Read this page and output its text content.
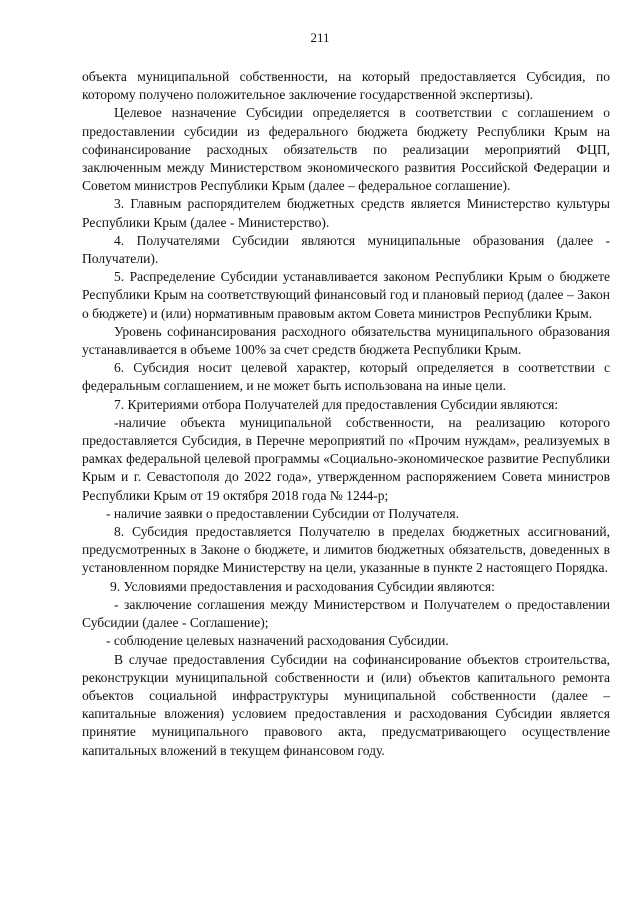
211

объекта муниципальной собственности, на который предоставляется Субсидия, по которому получено положительное заключение государственной экспертизы).

Целевое назначение Субсидии определяется в соответствии с соглашением о предоставлении субсидии из федерального бюджета бюджету Республики Крым на софинансирование расходных обязательств по реализации мероприятий ФЦП, заключенным между Министерством экономического развития Российской Федерации и Советом министров Республики Крым (далее – федеральное соглашение).

3. Главным распорядителем бюджетных средств является Министерство культуры Республики Крым (далее - Министерство).

4. Получателями Субсидии являются муниципальные образования (далее - Получатели).

5. Распределение Субсидии устанавливается законом Республики Крым о бюджете Республики Крым на соответствующий финансовый год и плановый период (далее – Закон о бюджете) и (или) нормативным правовым актом Совета министров Республики Крым.

Уровень софинансирования расходного обязательства муниципального образования устанавливается в объеме 100% за счет средств бюджета Республики Крым.

6. Субсидия носит целевой характер, который определяется в соответствии с федеральным соглашением, и не может быть использована на иные цели.

7. Критериями отбора Получателей для предоставления Субсидии являются:

-наличие объекта муниципальной собственности, на реализацию которого предоставляется Субсидия, в Перечне мероприятий по «Прочим нуждам», реализуемых в рамках федеральной целевой программы «Социально-экономическое развитие Республики Крым и г. Севастополя до 2022 года», утвержденном распоряжением Совета министров Республики Крым от 19 октября 2018 года № 1244-р;

- наличие заявки о предоставлении Субсидии от Получателя.

8. Субсидия предоставляется Получателю в пределах бюджетных ассигнований, предусмотренных в Законе о бюджете, и лимитов бюджетных обязательств, доведенных в установленном порядке Министерству на цели, указанные в пункте 2 настоящего Порядка.

9. Условиями предоставления и расходования Субсидии являются:

- заключение соглашения между Министерством и Получателем о предоставлении Субсидии (далее - Соглашение);

- соблюдение целевых назначений расходования Субсидии.

В случае предоставления Субсидии на софинансирование объектов строительства, реконструкции муниципальной собственности и (или) объектов капитального ремонта объектов социальной инфраструктуры муниципальной собственности (далее – капитальные вложения) условием предоставления и расходования Субсидии является принятие муниципального правового акта, предусматривающего осуществление капитальных вложений в текущем финансовом году.
